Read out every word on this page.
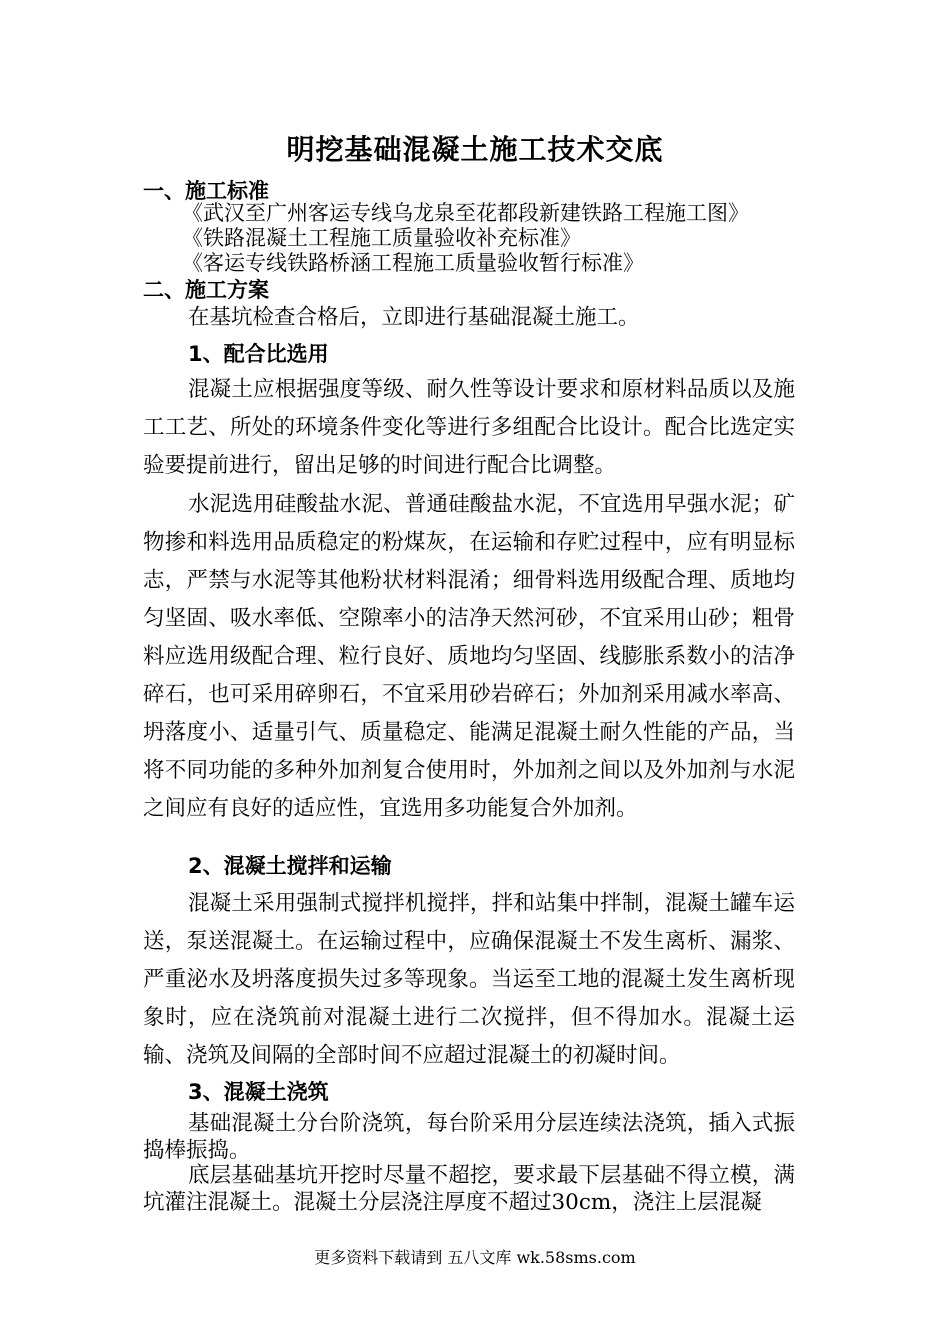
明挖基础混凝土施工技术交底
一、施工标准
《武汉至广州客运专线乌龙泉至花都段新建铁路工程施工图》
《铁路混凝土工程施工质量验收补充标准》
《客运专线铁路桥涵工程施工质量验收暂行标准》
二、施工方案
在基坑检查合格后，立即进行基础混凝土施工。
1、配合比选用
混凝土应根据强度等级、耐久性等设计要求和原材料品质以及施工工艺、所处的环境条件变化等进行多组配合比设计。配合比选定实验要提前进行，留出足够的时间进行配合比调整。
水泥选用硅酸盐水泥、普通硅酸盐水泥，不宜选用早强水泥；矿物掺和料选用品质稳定的粉煤灰，在运输和存贮过程中，应有明显标志，严禁与水泥等其他粉状材料混淆；细骨料选用级配合理、质地均匀坚固、吸水率低、空隙率小的洁净天然河砂，不宜采用山砂；粗骨料应选用级配合理、粒行良好、质地均匀坚固、线膨胀系数小的洁净碎石，也可采用碎卵石，不宜采用砂岩碎石；外加剂采用减水率高、坍落度小、适量引气、质量稳定、能满足混凝土耐久性能的产品，当将不同功能的多种外加剂复合使用时，外加剂之间以及外加剂与水泥之间应有良好的适应性，宜选用多功能复合外加剂。
2、混凝土搅拌和运输
混凝土采用强制式搅拌机搅拌，拌和站集中拌制，混凝土罐车运送，泵送混凝土。在运输过程中，应确保混凝土不发生离析、漏浆、严重泌水及坍落度损失过多等现象。当运至工地的混凝土发生离析现象时，应在浇筑前对混凝土进行二次搅拌，但不得加水。混凝土运输、浇筑及间隔的全部时间不应超过混凝土的初凝时间。
3、混凝土浇筑
基础混凝土分台阶浇筑，每台阶采用分层连续法浇筑，插入式振捣棒振捣。
底层基础基坑开挖时尽量不超挖，要求最下层基础不得立模，满坑灌注混凝土。混凝土分层浇注厚度不超过30cm，浇注上层混凝
更多资料下载请到 五八文库 wk.58sms.com
